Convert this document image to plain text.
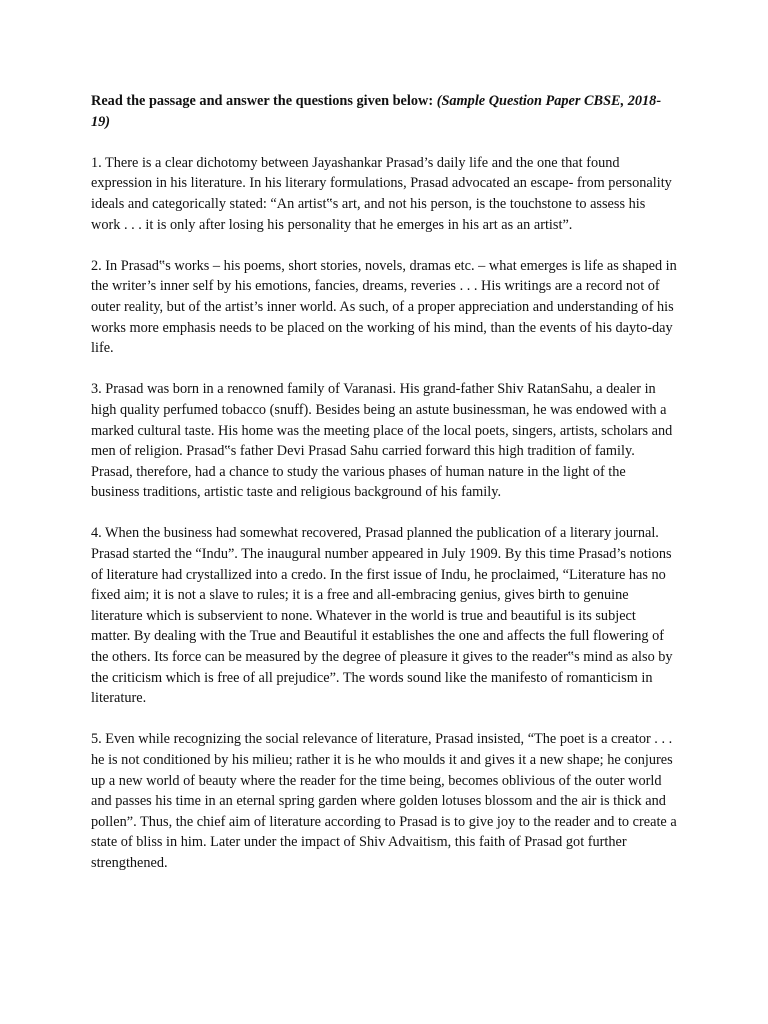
Read the passage and answer the questions given below: (Sample Question Paper CBSE, 2018-19)

1. There is a clear dichotomy between Jayashankar Prasad’s daily life and the one that found expression in his literature. In his literary formulations, Prasad advocated an escape- from personality ideals and categorically stated: “An artist‟s art, and not his person, is the touchstone to assess his work . . . it is only after losing his personality that he emerges in his art as an artist”.

2. In Prasad‟s works – his poems, short stories, novels, dramas etc. – what emerges is life as shaped in the writer’s inner self by his emotions, fancies, dreams, reveries . . . His writings are a record not of outer reality, but of the artist’s inner world. As such, of a proper appreciation and understanding of his works more emphasis needs to be placed on the working of his mind, than the events of his dayto-day life.

3. Prasad was born in a renowned family of Varanasi. His grand-father Shiv RatanSahu, a dealer in high quality perfumed tobacco (snuff). Besides being an astute businessman, he was endowed with a marked cultural taste. His home was the meeting place of the local poets, singers, artists, scholars and men of religion. Prasad‟s father Devi Prasad Sahu carried forward this high tradition of family. Prasad, therefore, had a chance to study the various phases of human nature in the light of the business traditions, artistic taste and religious background of his family.

4. When the business had somewhat recovered, Prasad planned the publication of a literary journal. Prasad started the “Indu”. The inaugural number appeared in July 1909. By this time Prasad’s notions of literature had crystallized into a credo. In the first issue of Indu, he proclaimed, “Literature has no fixed aim; it is not a slave to rules; it is a free and all-embracing genius, gives birth to genuine literature which is subservient to none. Whatever in the world is true and beautiful is its subject matter. By dealing with the True and Beautiful it establishes the one and affects the full flowering of the others. Its force can be measured by the degree of pleasure it gives to the reader‟s mind as also by the criticism which is free of all prejudice”. The words sound like the manifesto of romanticism in literature.

5. Even while recognizing the social relevance of literature, Prasad insisted, “The poet is a creator . . . he is not conditioned by his milieu; rather it is he who moulds it and gives it a new shape; he conjures up a new world of beauty where the reader for the time being, becomes oblivious of the outer world and passes his time in an eternal spring garden where golden lotuses blossom and the air is thick and pollen”. Thus, the chief aim of literature according to Prasad is to give joy to the reader and to create a state of bliss in him. Later under the impact of Shiv Advaitism, this faith of Prasad got further strengthened.
